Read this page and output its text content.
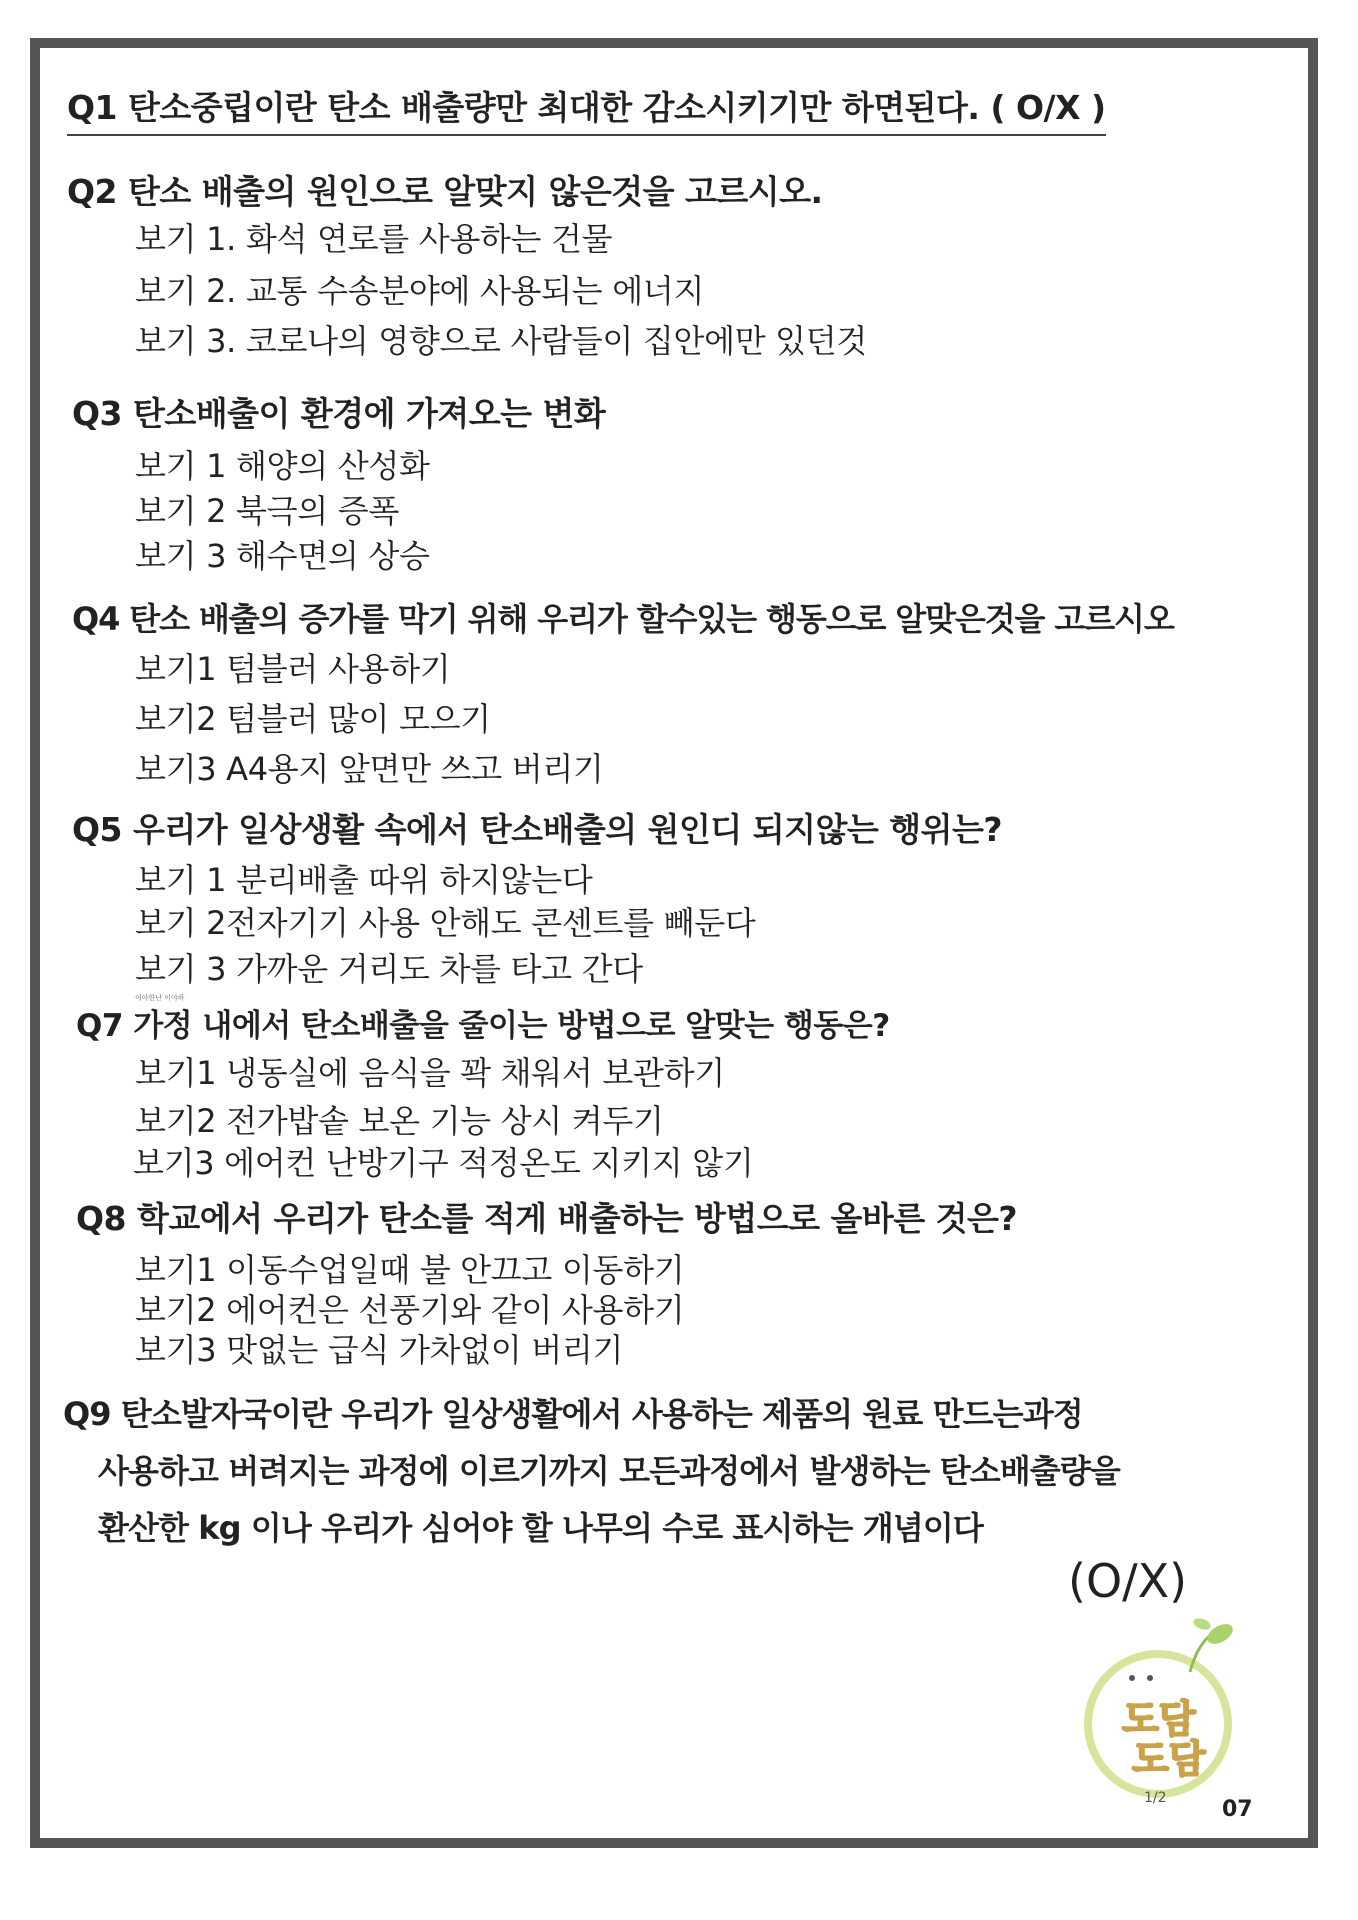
Q1 탄소중립이란 탄소 배출량만 최대한 감소시키기만 하면된다. ( O/X )

Q2 탄소 배출의 원인으로 알맞지 않은것을 고르시오.

보기 1. 화석 연로를 사용하는 건물

보기 2. 교통 수송분야에 사용되는 에너지

보기 3. 코로나의 영향으로 사람들이 집안에만 있던것

Q3 탄소배출이 환경에 가져오는 변화

보기 1 해양의 산성화

보기 2 북극의 증폭

보기 3 해수면의 상승

Q4 탄소 배출의 증가를 막기 위해 우리가 할수있는 행동으로 알맞은것을 고르시오

보기1 텀블러 사용하기

보기2 텀블러 많이 모으기

보기3 A4용지 앞면만 쓰고 버리기

Q5 우리가 일상생활 속에서 탄소배출의 원인디 되지않는 행위는?

보기 1 분리배출 따위 하지않는다

보기 2전자기기 사용 안해도 콘센트를 빼둔다

보기 3 가까운 거리도 차를 타고 간다

이야한난 이야하

Q7 가정 내에서 탄소배출을 줄이는 방법으로 알맞는 행동은?

보기1 냉동실에 음식을 꽉 채워서 보관하기

보기2 전가밥솥 보온 기능 상시 켜두기

보기3 에어컨 난방기구 적정온도 지키지 않기

Q8 학교에서 우리가 탄소를 적게 배출하는 방법으로 올바른 것은?

보기1 이동수업일때 불 안끄고 이동하기

보기2 에어컨은 선풍기와 같이 사용하기

보기3 맛없는 급식 가차없이 버리기

Q9 탄소발자국이란 우리가 일상생활에서 사용하는 제품의 원료 만드는과정

사용하고 버려지는 과정에 이르기까지 모든과정에서 발생하는 탄소배출량을

환산한 kg 이나 우리가 심어야 할 나무의 수로 표시하는 개념이다

(O/X)
도담
도담
1/2	07
